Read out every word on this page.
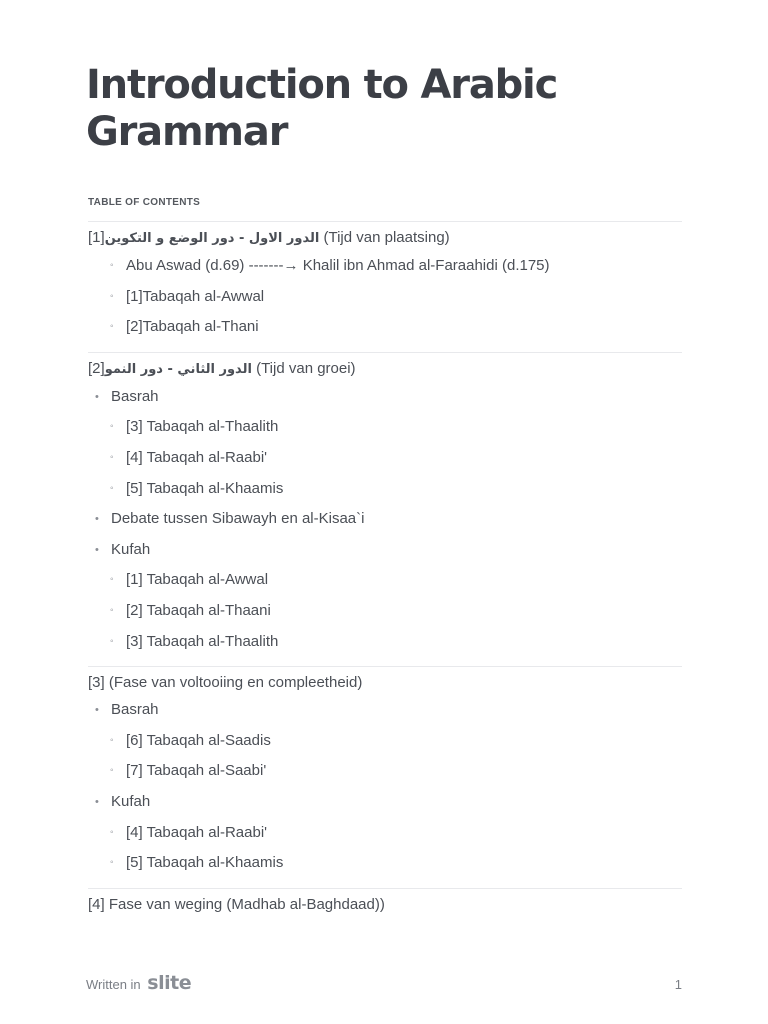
Introduction to Arabic Grammar
TABLE OF CONTENTS
[1]الدور الاول - دور الوضع و التكوين (Tijd van plaatsing)
◦ Abu Aswad (d.69) -------→ Khalil ibn Ahmad al-Faraahidi (d.175)
◦ [1]Tabaqah al-Awwal
◦ [2]Tabaqah al-Thani
[2]الدور الثاني - دور النمو (Tijd van groei)
• Basrah
◦ [3] Tabaqah al-Thaalith
◦ [4] Tabaqah al-Raabi'
◦ [5] Tabaqah al-Khaamis
• Debate tussen Sibawayh en al-Kisaa`i
• Kufah
◦ [1] Tabaqah al-Awwal
◦ [2] Tabaqah al-Thaani
◦ [3] Tabaqah al-Thaalith
[3] (Fase van voltooiing en compleetheid)
• Basrah
◦ [6] Tabaqah al-Saadis
◦ [7] Tabaqah al-Saabi'
• Kufah
◦ [4] Tabaqah al-Raabi'
◦ [5] Tabaqah al-Khaamis
[4] Fase van weging (Madhab al-Baghdaad))
Written in slite	1
